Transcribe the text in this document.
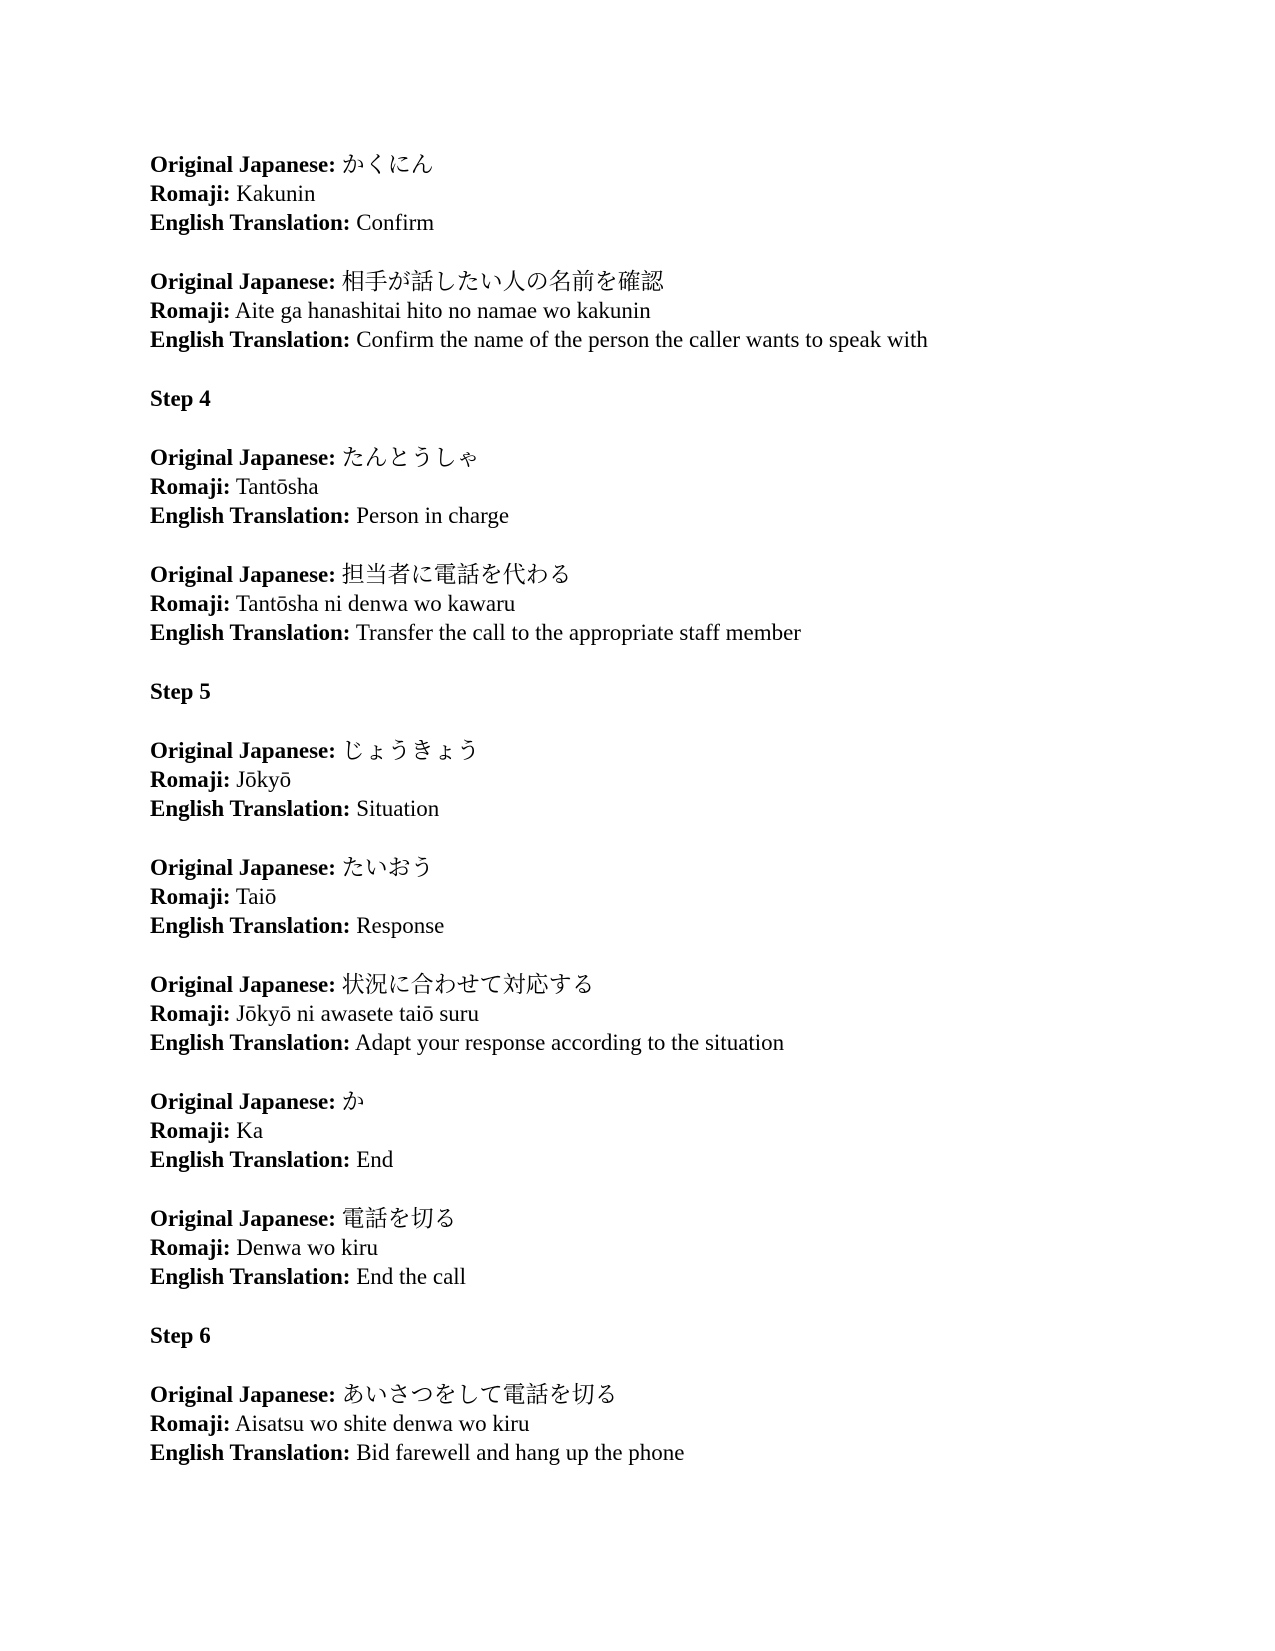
Original Japanese: かくにん
Romaji: Kakunin
English Translation: Confirm
Original Japanese: 相手が話したい人の名前を確認
Romaji: Aite ga hanashitai hito no namae wo kakunin
English Translation: Confirm the name of the person the caller wants to speak with
Step 4
Original Japanese: たんとうしゃ
Romaji: Tantōsha
English Translation: Person in charge
Original Japanese: 担当者に電話を代わる
Romaji: Tantōsha ni denwa wo kawaru
English Translation: Transfer the call to the appropriate staff member
Step 5
Original Japanese: じょうきょう
Romaji: Jōkyō
English Translation: Situation
Original Japanese: たいおう
Romaji: Taiō
English Translation: Response
Original Japanese: 状況に合わせて対応する
Romaji: Jōkyō ni awasete taiō suru
English Translation: Adapt your response according to the situation
Original Japanese: か
Romaji: Ka
English Translation: End
Original Japanese: 電話を切る
Romaji: Denwa wo kiru
English Translation: End the call
Step 6
Original Japanese: あいさつをして電話を切る
Romaji: Aisatsu wo shite denwa wo kiru
English Translation: Bid farewell and hang up the phone
